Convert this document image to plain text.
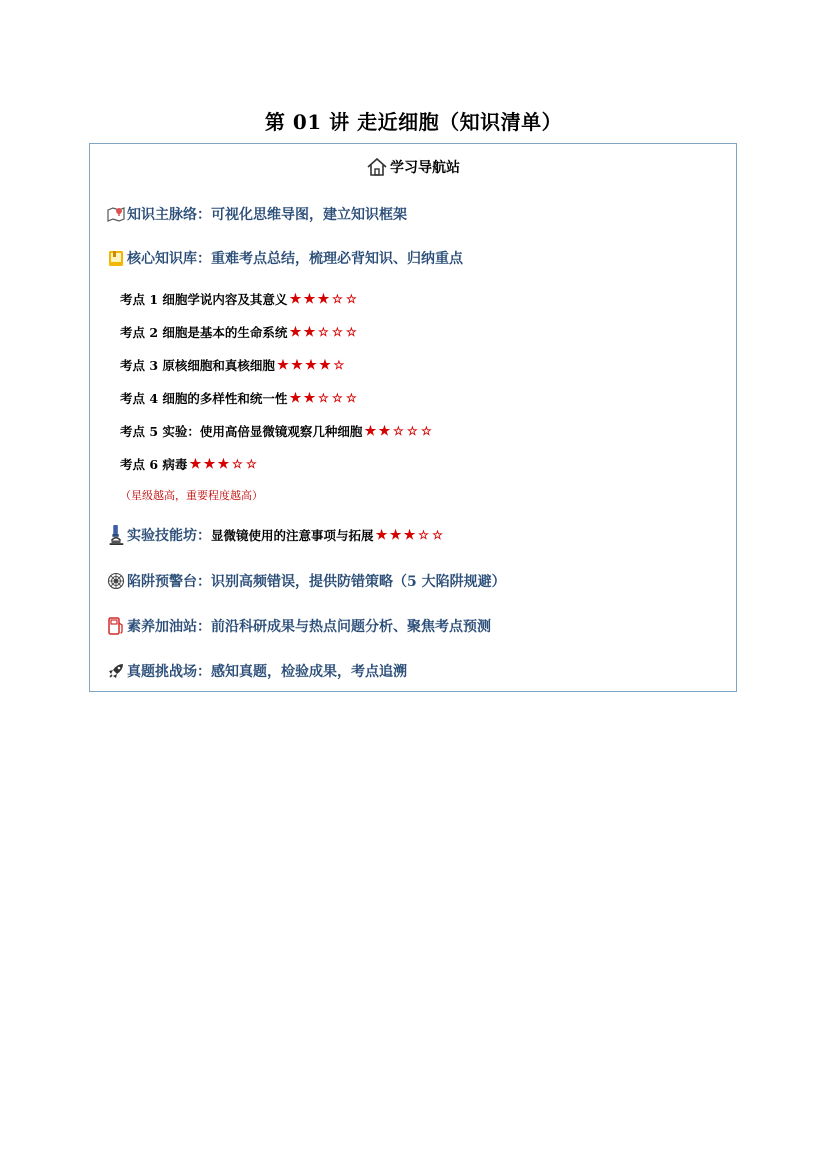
第 01 讲 走近细胞（知识清单）
学习导航站
知识主脉络： 可视化思维导图，建立知识框架
核心知识库： 重难考点总结，梳理必背知识、归纳重点
考点 1 细胞学说内容及其意义 ★ ★ ★ ☆ ☆
考点 2 细胞是基本的生命系统 ★ ★ ☆ ☆ ☆
考点 3 原核细胞和真核细胞 ★ ★ ★ ★ ☆
考点 4 细胞的多样性和统一性 ★ ★ ☆ ☆ ☆
考点 5 实验：使用高倍显微镜观察几种细胞 ★ ★ ☆ ☆ ☆
考点 6 病毒 ★ ★ ★ ☆ ☆
（星级越高，重要程度越高）
实验技能坊： 显微镜使用的注意事项与拓展 ★ ★ ★ ☆ ☆
陷阱预警台： 识别高频错误，提供防错策略（5 大陷阱规避）
素养加油站： 前沿科研成果与热点问题分析、聚焦考点预测
真题挑战场： 感知真题，检验成果，考点追溯
